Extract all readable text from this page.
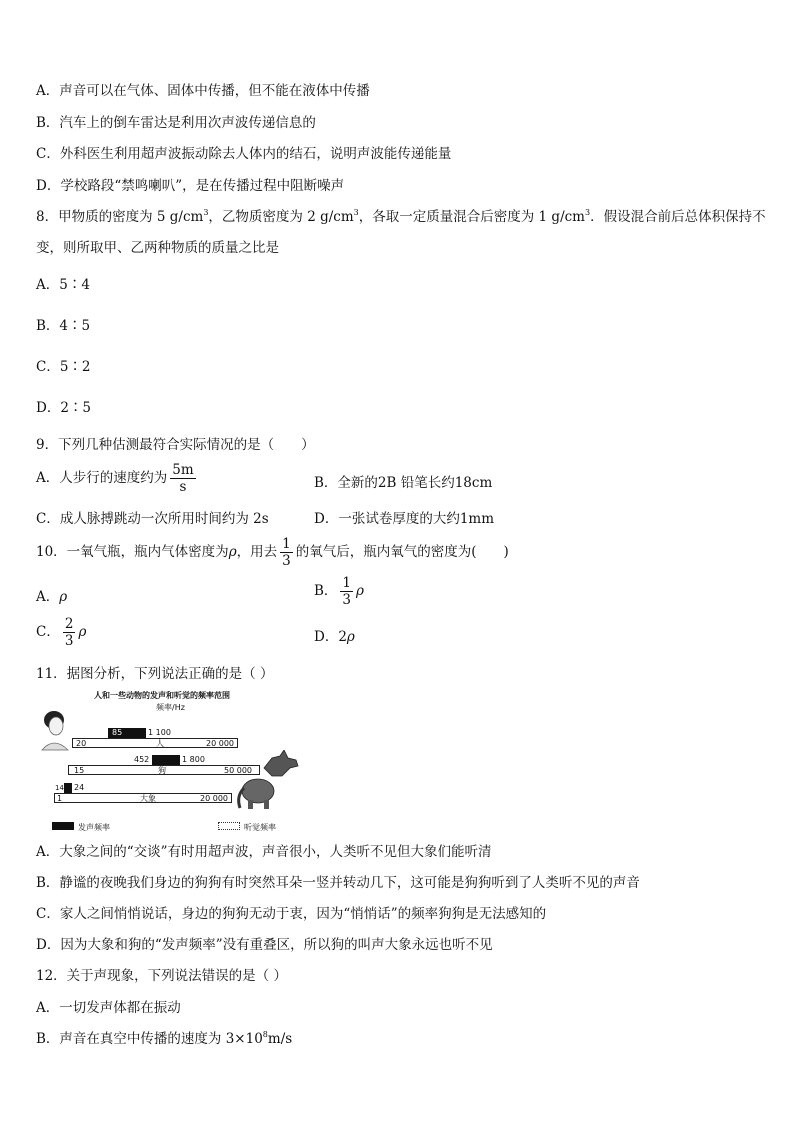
A．声音可以在气体、固体中传播，但不能在液体中传播
B．汽车上的倒车雷达是利用次声波传递信息的
C．外科医生利用超声波振动除去人体内的结石，说明声波能传递能量
D．学校路段“禁鸣喇叭”，是在传播过程中阻断噪声
8．甲物质的密度为 5 $g/cm^3$，乙物质密度为 2 $g/cm^3$，各取一定质量混合后密度为 1 $g/cm^3$．假设混合前后总体积保持不
变，则所取甲、乙两种物质的质量之比是
A．5∶4
B．4∶5
C．5∶2
D．2∶5
9．下列几种估测最符合实际情况的是（　　）
A．人步行的速度约为 $\frac{5m}{s}$	B．全新的2B 铅笔长约18cm
C．成人脉搏跳动一次所用时间约为 2s	D．一张试卷厚度的大约1mm
10．一氧气瓶，瓶内气体密度为ρ，用去 $\frac{1}{3}$ 的氧气后，瓶内氧气的密度为(　　)
A．ρ	B． $\frac{1}{3}$ ρ
C． $\frac{2}{3}$ ρ	D．2ρ
11．据图分析，下列说法正确的是（ ）
人和一些动物的发声和听觉的频率范围
频率/Hz
85	1 100
20	人	20 000
452	1 800
15	狗	50 000
14 24
1	大象	20 000
发声频率	听觉频率
A．大象之间的“交谈”有时用超声波，声音很小，人类听不见但大象们能听清
B．静谧的夜晚我们身边的狗狗有时突然耳朵一竖并转动几下，这可能是狗狗听到了人类听不见的声音
C．家人之间悄悄说话，身边的狗狗无动于衷，因为“悄悄话”的频率狗狗是无法感知的
D．因为大象和狗的“发声频率”没有重叠区，所以狗的叫声大象永远也听不见
12．关于声现象，下列说法错误的是（ ）
A．一切发声体都在振动
B．声音在真空中传播的速度为 $3\times 10^8m/s$
